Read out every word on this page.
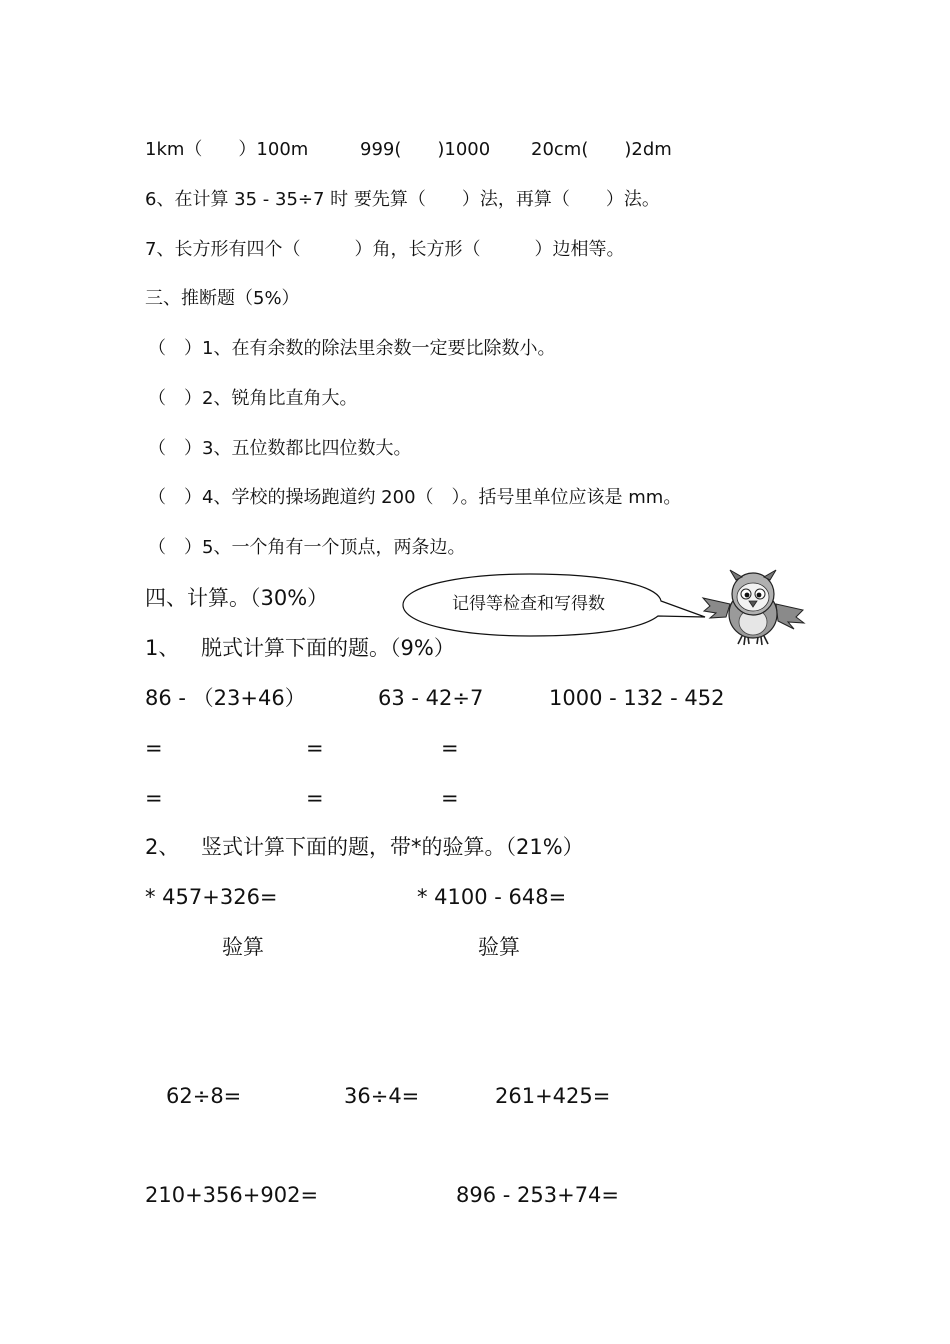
1km（　　）100m	999(　　)1000 20cm(　　)2dm
6、在计算 35 - 35÷7 时 要先算（　　）法，再算（　　）法。
7、长方形有四个（　　　）角，长方形（　　　）边相等。
三、推断题（5%）
（　）1、在有余数的除法里余数一定要比除数小。
（　）2、锐角比直角大。
（　）3、五位数都比四位数大。
（　）4、学校的操场跑道约 200（　）。括号里单位应该是 mm。
（　）5、一个角有一个顶点，两条边。
四、计算。（30%）	记得等检查和写得数
1、 脱式计算下面的题。（9%）
86 - （23+46）	63 - 42÷7	1000 - 132 - 452
=	=	=
=	=	=
2、 竖式计算下面的题，带*的验算。（21%）
* 457+326=	* 4100 - 648=
验算	验算
62÷8=	36÷4=	261+425=
210+356+902=	896 - 253+74=
